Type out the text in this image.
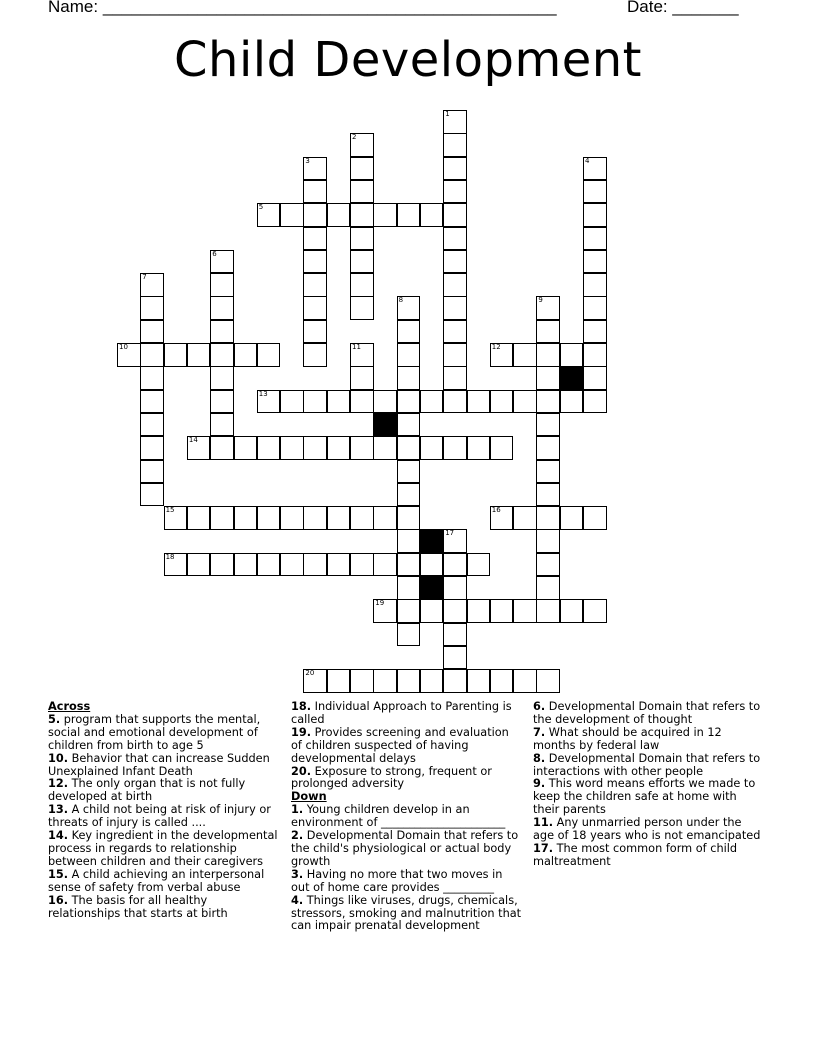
Name: ________________________________________________	Date: _______
Child Development
1
2
3	4
5
6
7
8	9
10	11	12
13
14
15	16
17
18
19
20
Across

5. program that supports the mental, social and emotional development of children from birth to age 5

10. Behavior that can increase Sudden Unexplained Infant Death

12. The only organ that is not fully developed at birth

13. A child not being at risk of injury or threats of injury is called ....

14. Key ingredient in the developmental process in regards to relationship between children and their caregivers

15. A child achieving an interpersonal sense of safety from verbal abuse

16. The basis for all healthy relationships that starts at birth

18. Individual Approach to Parenting is called

19. Provides screening and evaluation of children suspected of having developmental delays

20. Exposure to strong, frequent or prolonged adversity

Down

1. Young children develop in an environment of ______________________

2. Developmental Domain that refers to the child's physiological or actual body growth

3. Having no more that two moves in out of home care provides _________

4. Things like viruses, drugs, chemicals, stressors, smoking and malnutrition that can impair prenatal development

6. Developmental Domain that refers to the development of thought

7. What should be acquired in 12 months by federal law

8. Developmental Domain that refers to interactions with other people

9. This word means efforts we made to keep the children safe at home with their parents

11. Any unmarried person under the age of 18 years who is not emancipated

17. The most common form of child maltreatment
